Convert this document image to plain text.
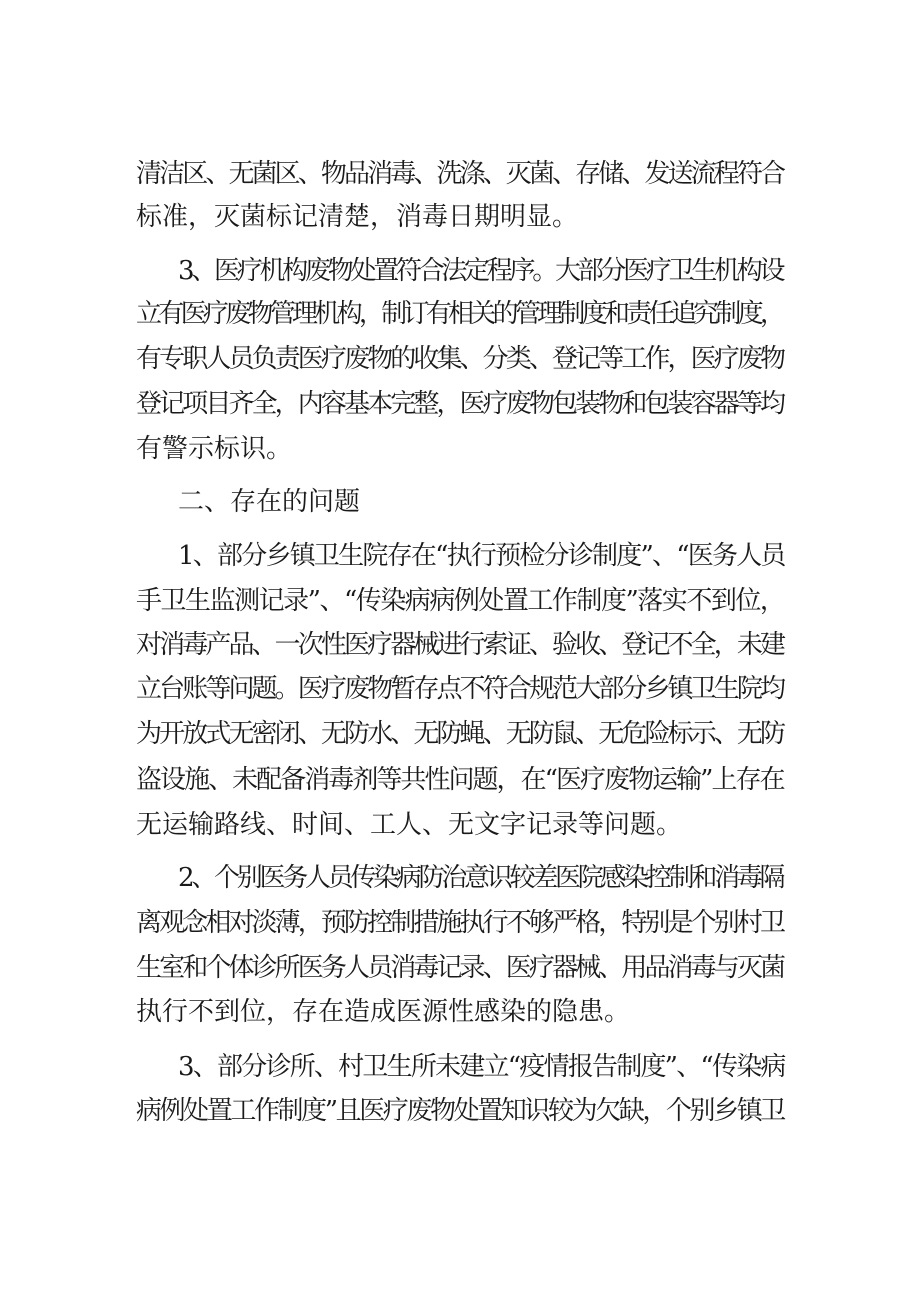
清洁区、无菌区、物品消毒、洗涤、灭菌、存储、发送流程符合
标准，灭菌标记清楚，消毒日期明显。
3、医疗机构废物处置符合法定程序。大部分医疗卫生机构设
立有医疗废物管理机构，制订有相关的管理制度和责任追究制度，
有专职人员负责医疗废物的收集、分类、登记等工作，医疗废物
登记项目齐全，内容基本完整，医疗废物包装物和包装容器等均
有警示标识。
二、存在的问题
1、部分乡镇卫生院存在“执行预检分诊制度”、“医务人员
手卫生监测记录”、“传染病病例处置工作制度”落实不到位，
对消毒产品、一次性医疗器械进行索证、验收、登记不全，未建
立台账等问题。医疗废物暂存点不符合规范大部分乡镇卫生院均
为开放式无密闭、无防水、无防蝇、无防鼠、无危险标示、无防
盗设施、未配备消毒剂等共性问题，在“医疗废物运输”上存在
无运输路线、时间、工人、无文字记录等问题。
2、个别医务人员传染病防治意识较差医院感染控制和消毒隔
离观念相对淡薄，预防控制措施执行不够严格，特别是个别村卫
生室和个体诊所医务人员消毒记录、医疗器械、用品消毒与灭菌
执行不到位，存在造成医源性感染的隐患。
3、部分诊所、村卫生所未建立“疫情报告制度”、“传染病
病例处置工作制度”且医疗废物处置知识较为欠缺，个别乡镇卫
